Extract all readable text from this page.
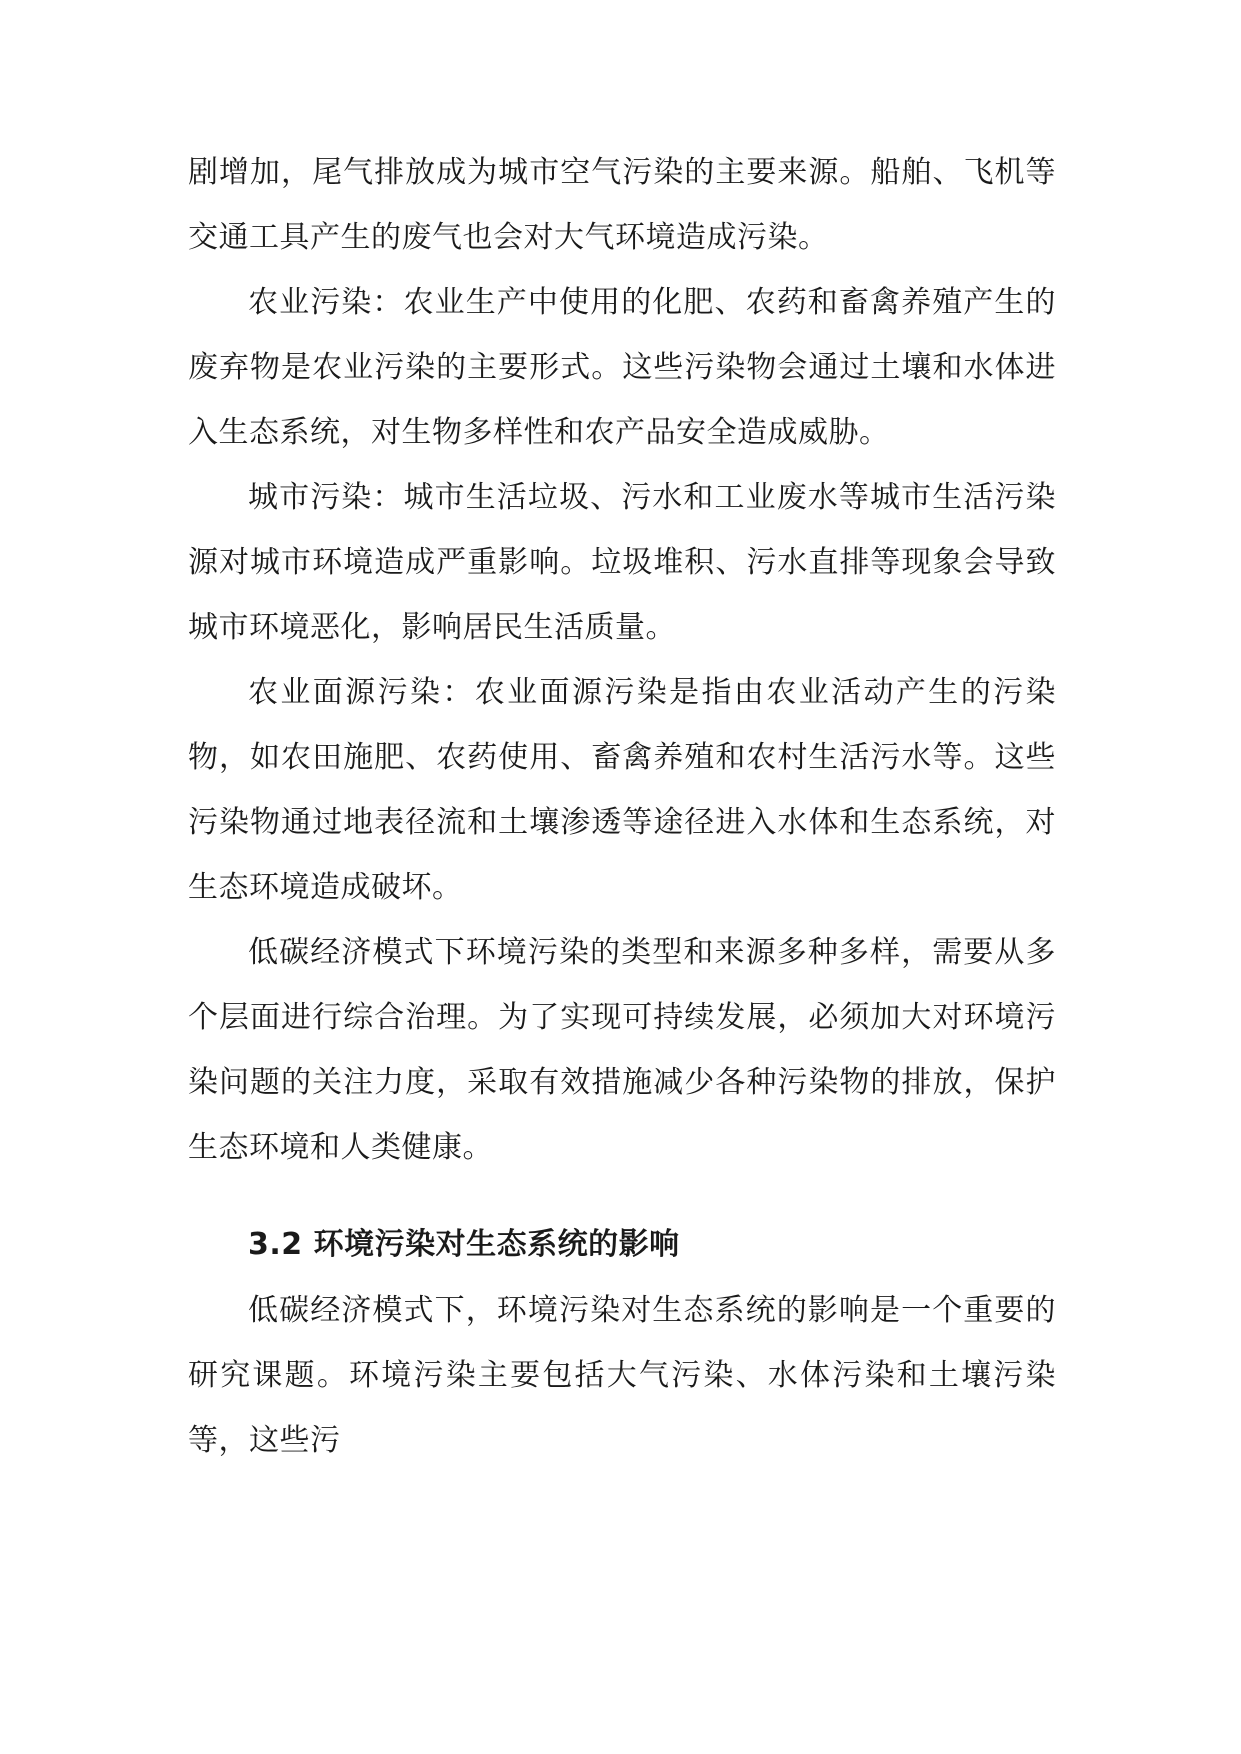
剧增加，尾气排放成为城市空气污染的主要来源。船舶、飞机等交通工具产生的废气也会对大气环境造成污染。

农业污染：农业生产中使用的化肥、农药和畜禽养殖产生的废弃物是农业污染的主要形式。这些污染物会通过土壤和水体进入生态系统，对生物多样性和农产品安全造成威胁。

城市污染：城市生活垃圾、污水和工业废水等城市生活污染源对城市环境造成严重影响。垃圾堆积、污水直排等现象会导致城市环境恶化，影响居民生活质量。

农业面源污染：农业面源污染是指由农业活动产生的污染物，如农田施肥、农药使用、畜禽养殖和农村生活污水等。这些污染物通过地表径流和土壤渗透等途径进入水体和生态系统，对生态环境造成破坏。

低碳经济模式下环境污染的类型和来源多种多样，需要从多个层面进行综合治理。为了实现可持续发展，必须加大对环境污染问题的关注力度，采取有效措施减少各种污染物的排放，保护生态环境和人类健康。

3.2 环境污染对生态系统的影响

低碳经济模式下，环境污染对生态系统的影响是一个重要的研究课题。环境污染主要包括大气污染、水体污染和土壤污染等，这些污
